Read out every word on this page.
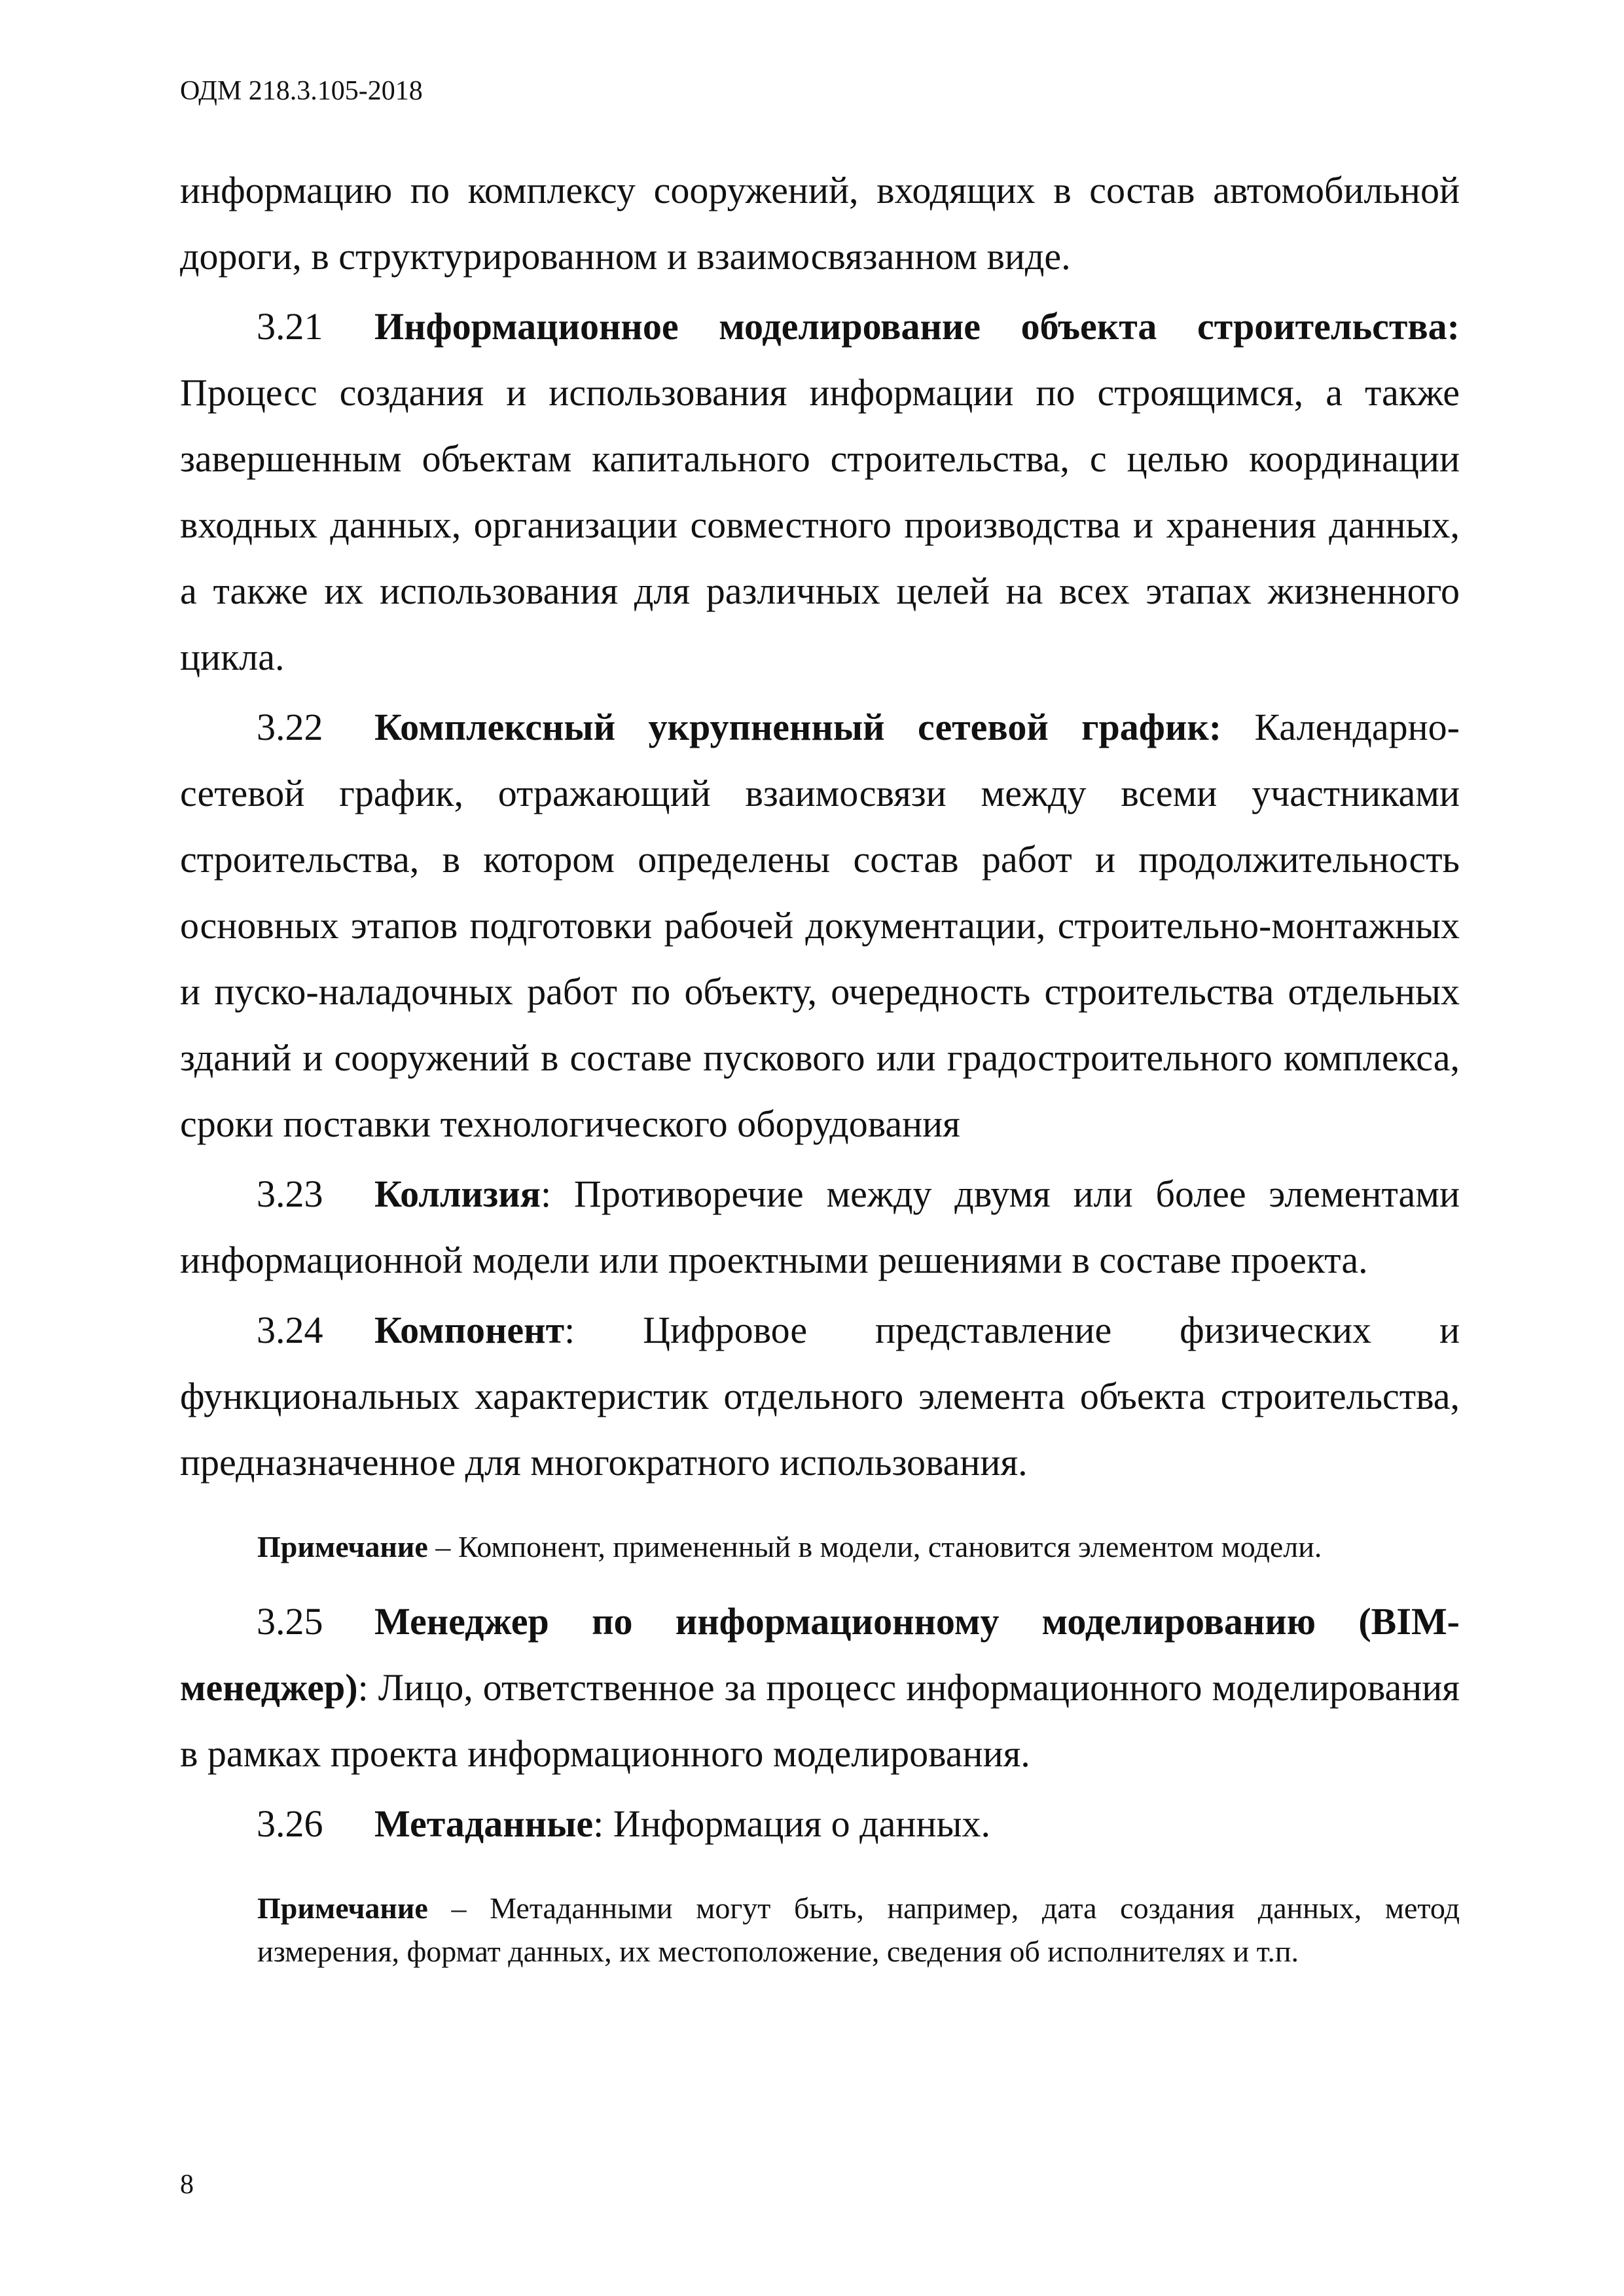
ОДМ 218.3.105-2018

информацию по комплексу сооружений, входящих в состав автомобильной дороги, в структурированном и взаимосвязанном виде.

3.21 Информационное моделирование объекта строительства: Процесс создания и использования информации по строящимся, а также завершенным объектам капитального строительства, с целью координации входных данных, организации совместного производства и хранения данных, а также их использования для различных целей на всех этапах жизненного цикла.

3.22 Комплексный укрупненный сетевой график: Календарно-сетевой график, отражающий взаимосвязи между всеми участниками строительства, в котором определены состав работ и продолжительность основных этапов подготовки рабочей документации, строительно-монтажных и пуско-наладочных работ по объекту, очередность строительства отдельных зданий и сооружений в составе пускового или градостроительного комплекса, сроки поставки технологического оборудования

3.23 Коллизия: Противоречие между двумя или более элементами информационной модели или проектными решениями в составе проекта.

3.24 Компонент: Цифровое представление физических и функциональных характеристик отдельного элемента объекта строительства, предназначенное для многократного использования.

Примечание – Компонент, примененный в модели, становится элементом модели.

3.25 Менеджер по информационному моделированию (BIM-менеджер): Лицо, ответственное за процесс информационного моделирования в рамках проекта информационного моделирования.

3.26 Метаданные: Информация о данных.

Примечание – Метаданными могут быть, например, дата создания данных, метод измерения, формат данных, их местоположение, сведения об исполнителях и т.п.

8
